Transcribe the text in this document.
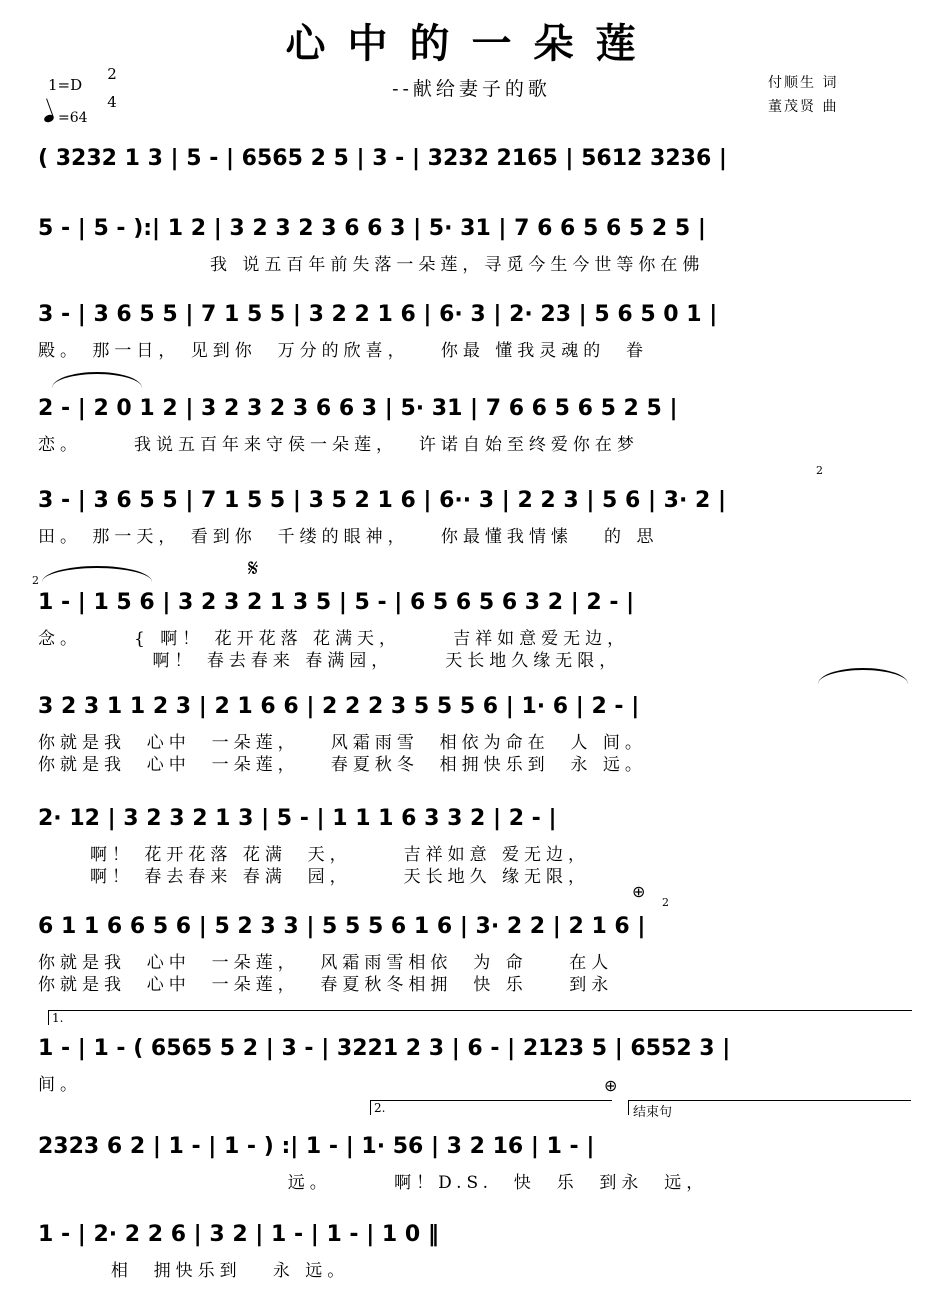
心中的一朵莲
--献给妻子的歌
1=D
2
4
=64
付顺生 词
董茂贤 曲
( 3232 1 3 | 5 - | 6565 2 5 | 3 - | 3232 2165 | 5612 3236 |
5 - | 5 - ):| 1 2 | 3 2 3 2 3 6 6 3 | 5· 31 | 7 6 6 5 6 5 2 5 |
我 说五百年前失落一朵莲，寻觅今生今世等你在佛
3 - | 3 6 5 5 | 7 1 5 5 | 3 2 2 1 6 | 6· 3 | 2· 23 | 5 6 5 0 1 |
殿。 那一日， 见到你  万分的欣喜，   你最 懂我灵魂的  眷
2 - | 2 0 1 2 | 3 2 3 2 3 6 6 3 | 5· 31 | 7 6 6 5 6 5 2 5 |
恋。     我说五百年来守侯一朵莲，  许诺自始至终爱你在梦
2
3 - | 3 6 5 5 | 7 1 5 5 | 3 5 2 1 6 | 6·· 3 | 2 2 3 | 5 6 | 3· 2 |
田。 那一天， 看到你  千缕的眼神，   你最懂我情愫   的 思
2	𝄋
1 - | 1 5 6 | 3 2 3 2 1 3 5 | 5 - | 6 5 6 5 6 3 2 | 2 - |
念。     { 啊！ 花开花落 花满天，     吉祥如意爱无边，
啊！ 春去春来 春满园，     天长地久缘无限，
3 2 3 1 1 2 3 | 2 1 6 6 | 2 2 2 3 5 5 5 6 | 1· 6 | 2 - |
你就是我  心中  一朵莲，   风霜雨雪  相依为命在  人 间。
你就是我  心中  一朵莲，   春夏秋冬  相拥快乐到  永 远。
2· 12 | 3 2 3 2 1 3 | 5 - | 1 1 1 6 3 3 2 | 2 - |
啊！ 花开花落 花满  天，     吉祥如意 爱无边，
啊！ 春去春来 春满  园，     天长地久 缘无限，
⊕
2
6 1 1 6 6 5 6 | 5 2 3 3 | 5 5 5 6 1 6 | 3· 2 2 | 2 1 6 |
你就是我  心中  一朵莲，  风霜雨雪相依  为 命    在人
你就是我  心中  一朵莲，  春夏秋冬相拥  快 乐    到永
1.
1 - | 1 - ( 6565 5 2 | 3 - | 3221 2 3 | 6 - | 2123 5 | 6552 3 |
间。	⊕
2.	结束句
2323 6 2 | 1 - | 1 - ) :| 1 - | 1· 56 | 3 2 16 | 1 - |
远。      啊！D.S.  快  乐  到永  远，
1 - | 2· 2 2 6 | 3 2 | 1 - | 1 - | 1 0 ‖
相  拥快乐到   永 远。
